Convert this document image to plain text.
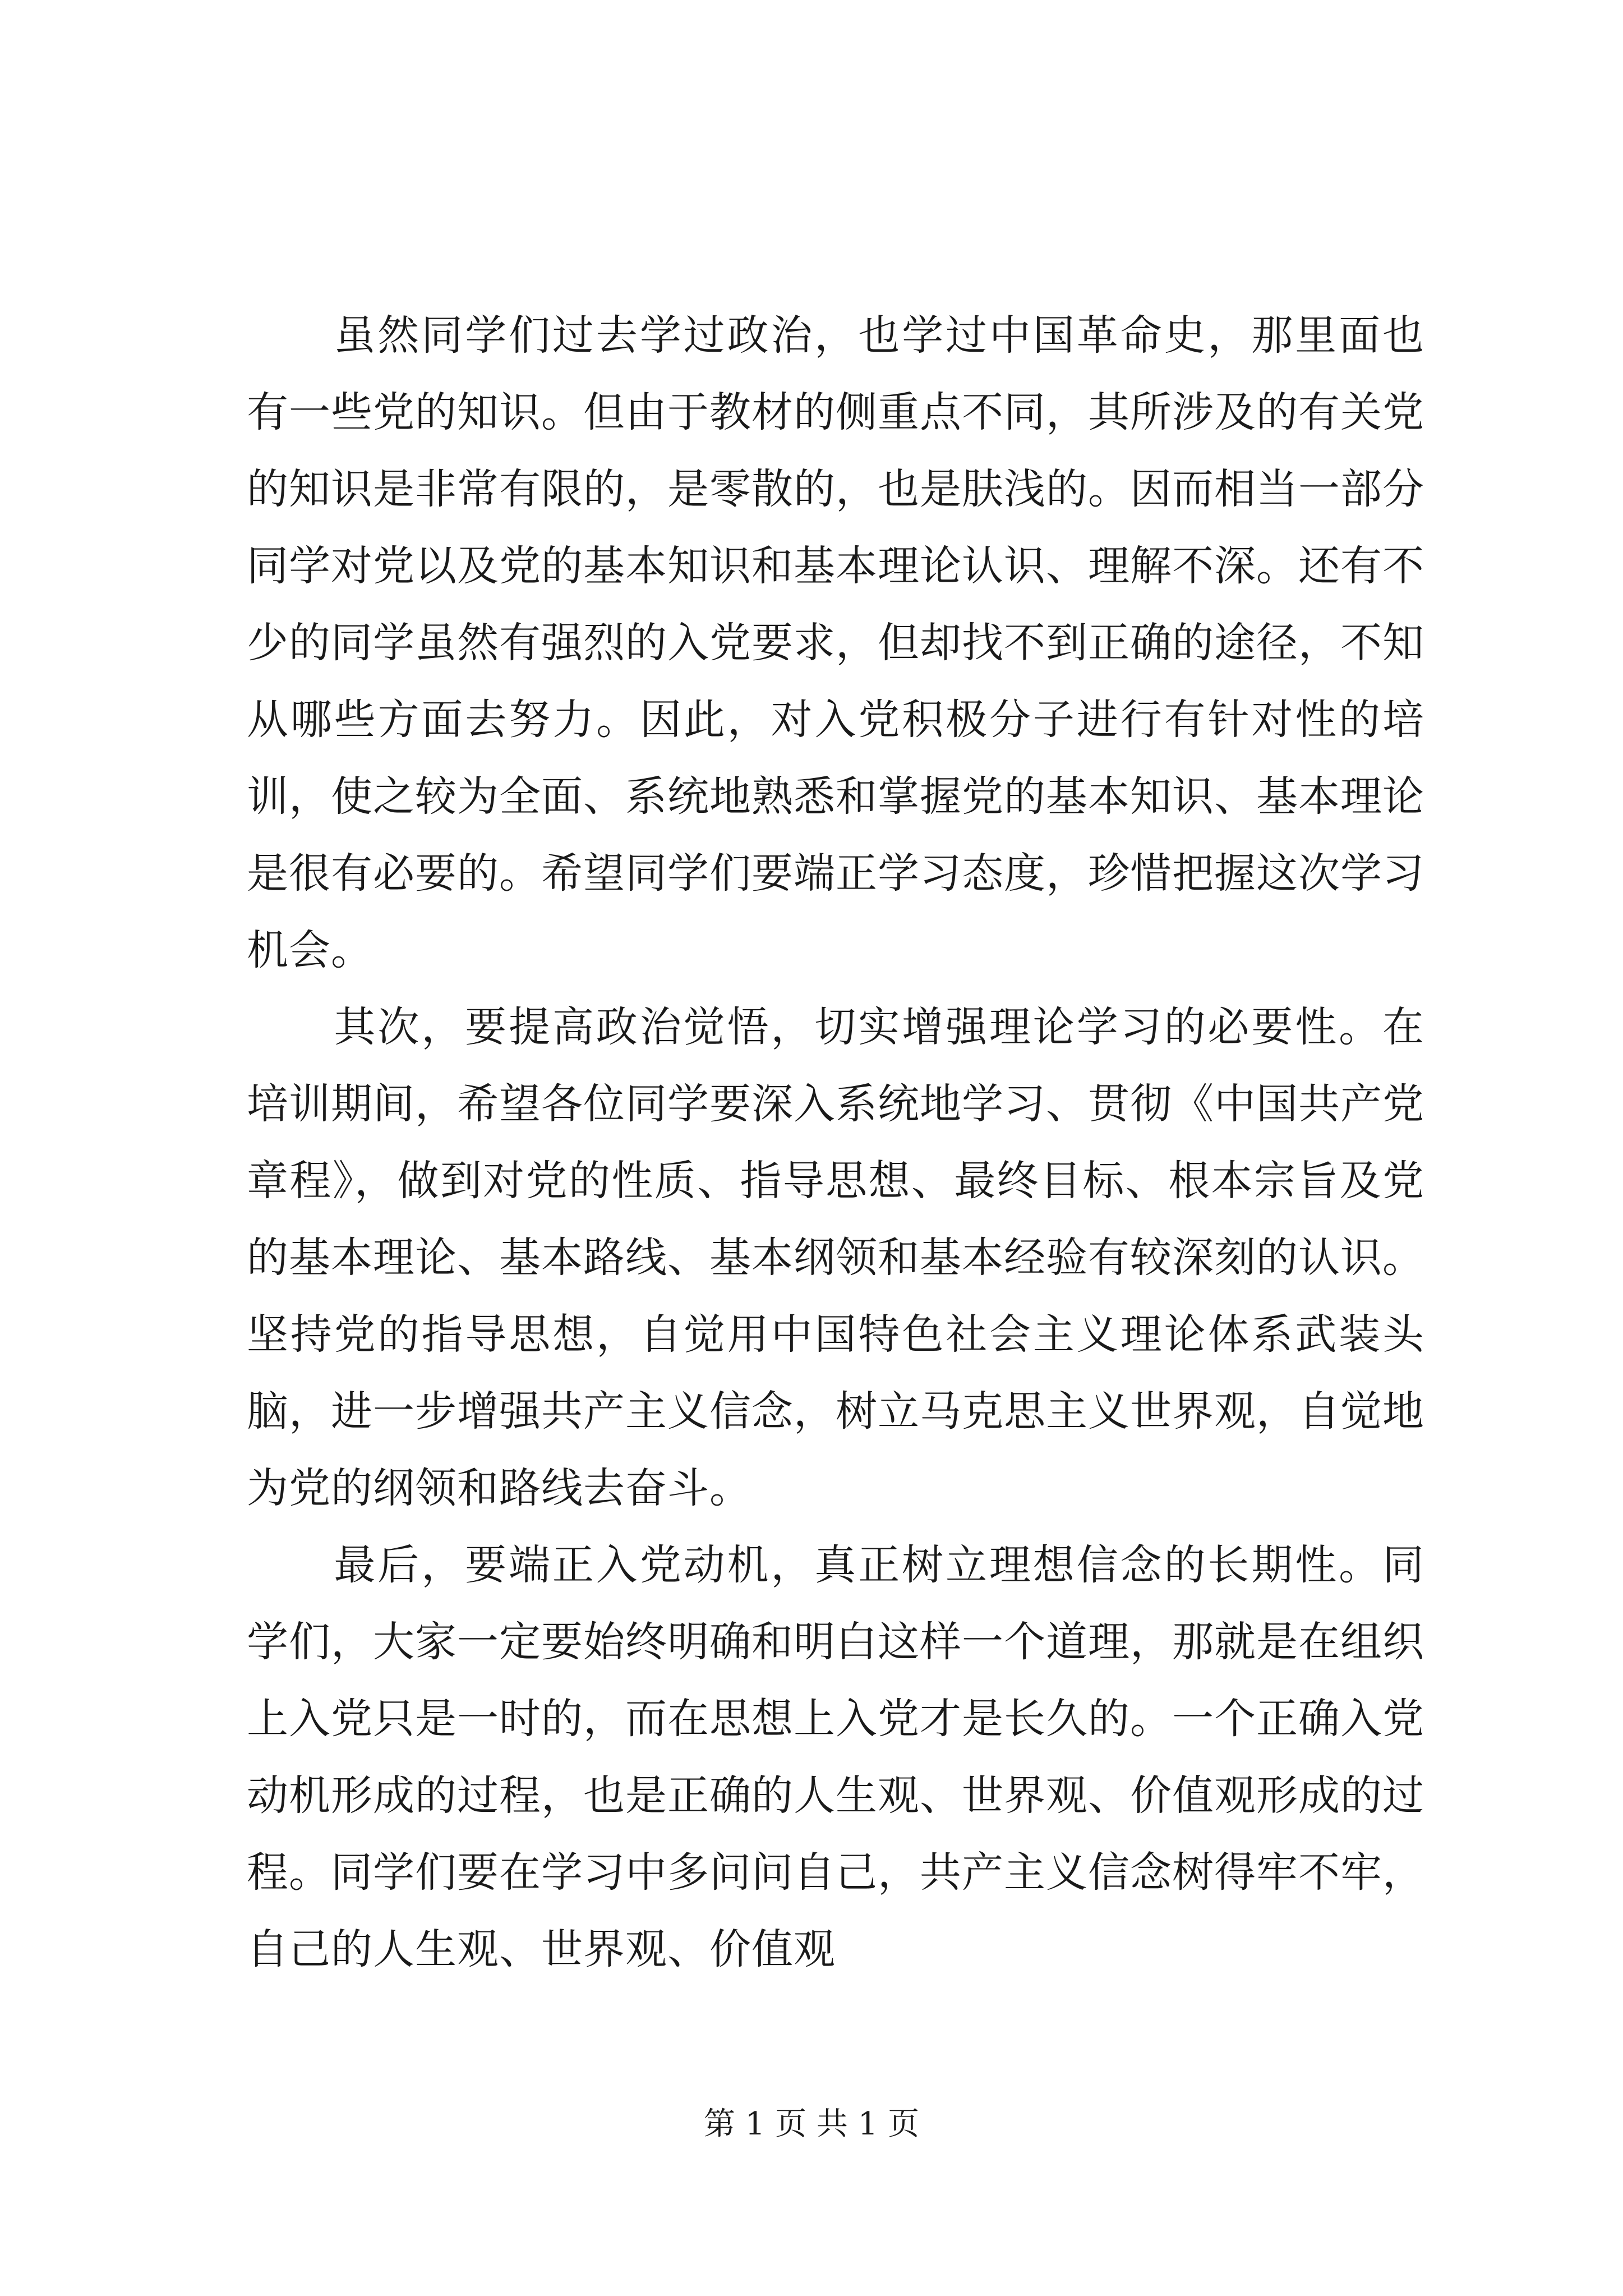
虽然同学们过去学过政治，也学过中国革命史，那里面也有一些党的知识。但由于教材的侧重点不同，其所涉及的有关党的知识是非常有限的，是零散的，也是肤浅的。因而相当一部分同学对党以及党的基本知识和基本理论认识、理解不深。还有不少的同学虽然有强烈的入党要求，但却找不到正确的途径，不知从哪些方面去努力。因此，对入党积极分子进行有针对性的培训，使之较为全面、系统地熟悉和掌握党的基本知识、基本理论是很有必要的。希望同学们要端正学习态度，珍惜把握这次学习机会。

其次，要提高政治觉悟，切实增强理论学习的必要性。在培训期间，希望各位同学要深入系统地学习、贯彻《中国共产党章程》，做到对党的性质、指导思想、最终目标、根本宗旨及党的基本理论、基本路线、基本纲领和基本经验有较深刻的认识。坚持党的指导思想，自觉用中国特色社会主义理论体系武装头脑，进一步增强共产主义信念，树立马克思主义世界观，自觉地为党的纲领和路线去奋斗。

最后，要端正入党动机，真正树立理想信念的长期性。同学们，大家一定要始终明确和明白这样一个道理，那就是在组织上入党只是一时的，而在思想上入党才是长久的。一个正确入党动机形成的过程，也是正确的人生观、世界观、价值观形成的过程。同学们要在学习中多问问自己，共产主义信念树得牢不牢，自己的人生观、世界观、价值观

第 1 页 共 1 页
